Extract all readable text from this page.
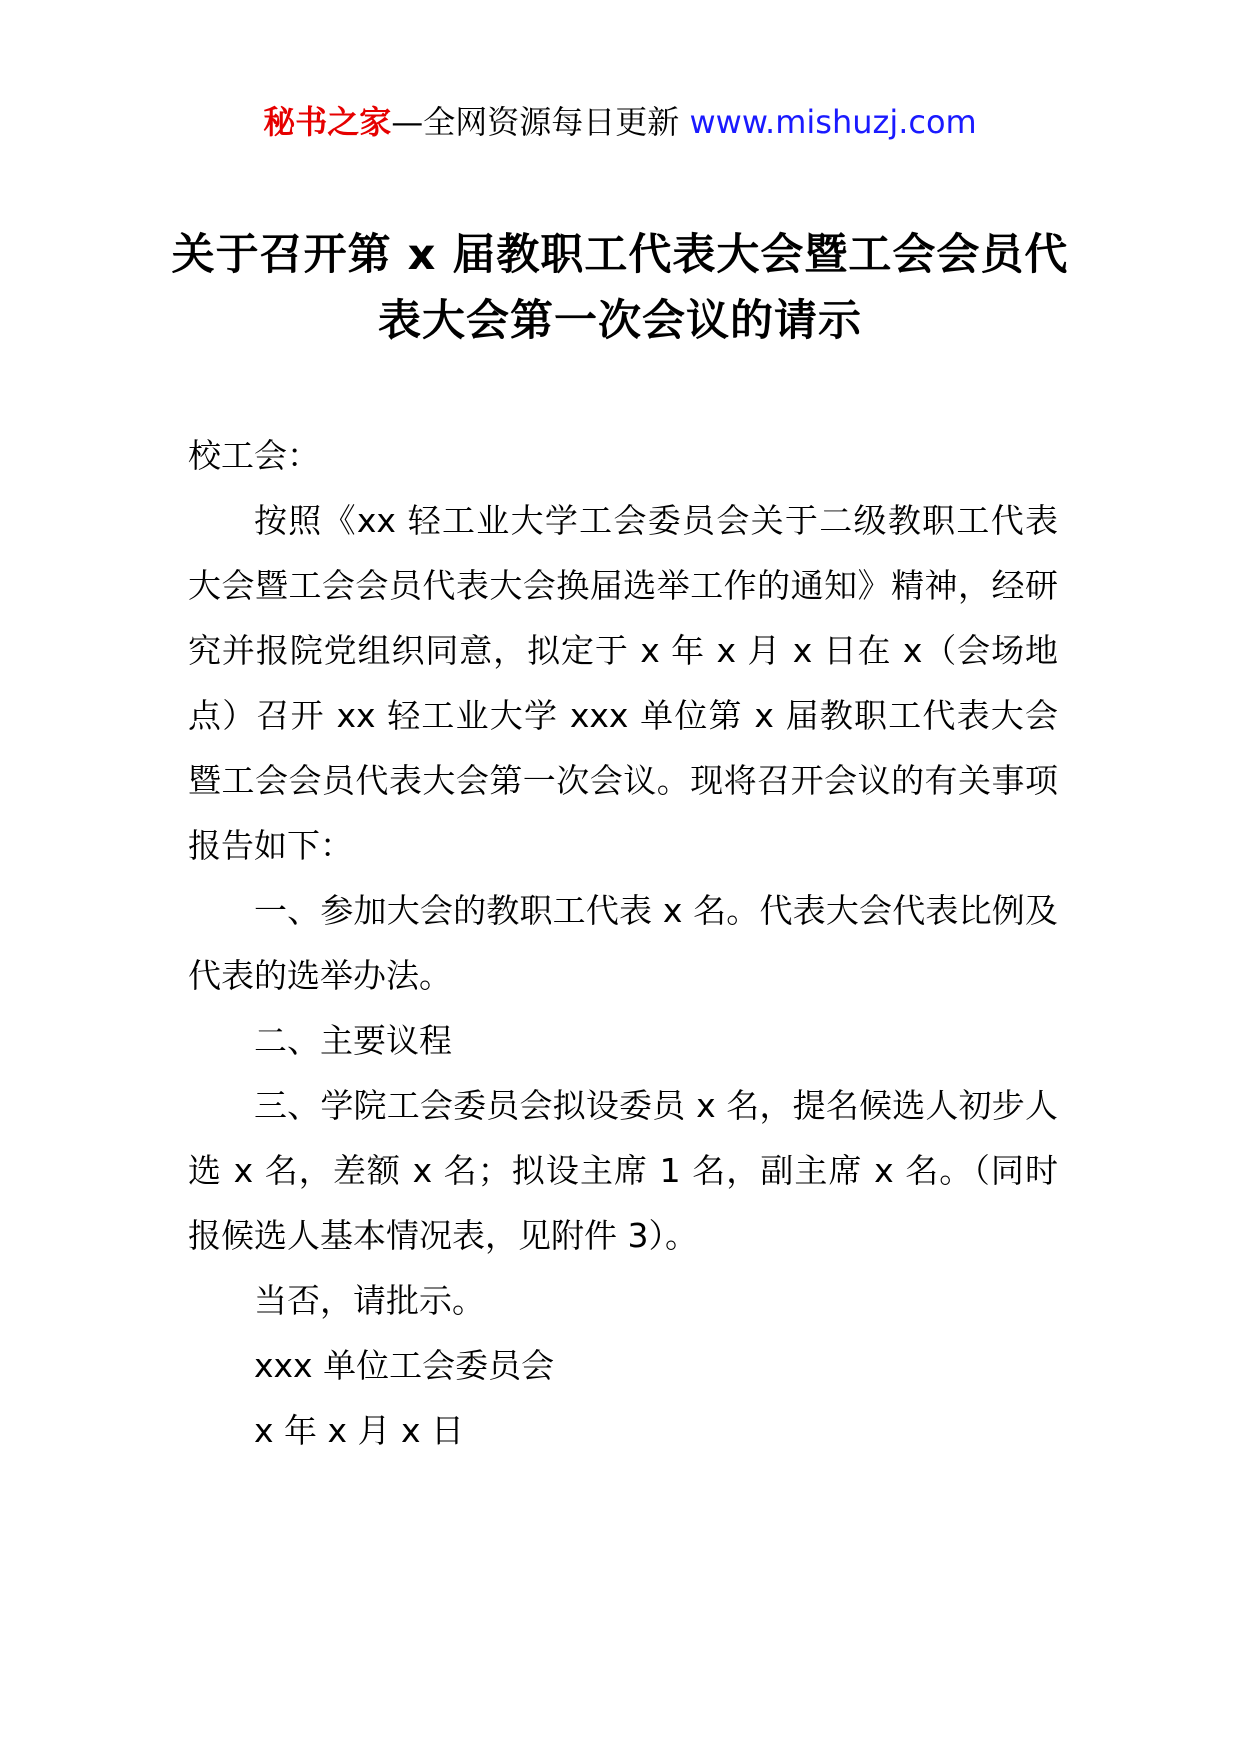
秘书之家—全网资源每日更新 www.mishuzj.com
关于召开第 x 届教职工代表大会暨工会会员代表大会第一次会议的请示

校工会：

按照《xx 轻工业大学工会委员会关于二级教职工代表大会暨工会会员代表大会换届选举工作的通知》精神，经研究并报院党组织同意，拟定于 x 年 x 月 x 日在 x（会场地点）召开 xx 轻工业大学 xxx 单位第 x 届教职工代表大会暨工会会员代表大会第一次会议。现将召开会议的有关事项报告如下：

一、参加大会的教职工代表 x 名。代表大会代表比例及代表的选举办法。

二、主要议程

三、学院工会委员会拟设委员 x 名，提名候选人初步人选 x 名，差额 x 名；拟设主席 1 名，副主席 x 名。（同时报候选人基本情况表，见附件 3）。

当否，请批示。

xxx 单位工会委员会

x 年 x 月 x 日
